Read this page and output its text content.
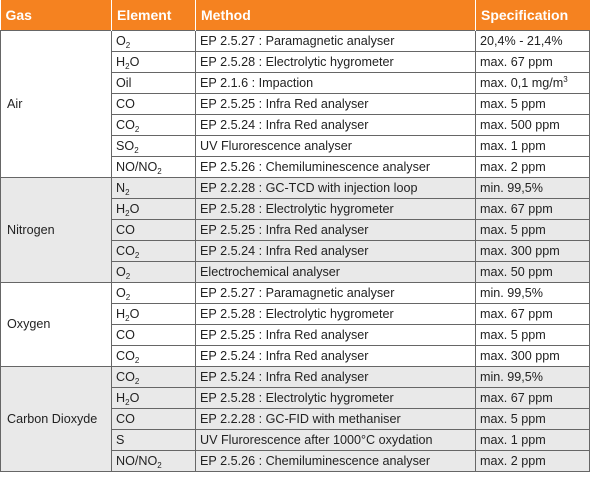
Gas	Element	Method	Specification
Air	$O_2$	EP 2.5.27 : Paramagnetic analyser	20,4% - 21,4%
	$H_2O$	EP 2.5.28 : Electrolytic hygrometer	max. 67 ppm
	Oil	EP 2.1.6 : Impaction	max. 0,1 $mg/m^3$
	CO	EP 2.5.25 : Infra Red analyser	max. 5 ppm
	$CO_2$	EP 2.5.24 : Infra Red analyser	max. 500 ppm
	$SO_2$	UV Flurorescence analyser	max. 1 ppm
	$NO/NO_2$	EP 2.5.26 : Chemiluminescence analyser	max. 2 ppm
Nitrogen	$N_2$	EP 2.2.28 : GC-TCD with injection loop	min. 99,5%
	$H_2O$	EP 2.5.28 : Electrolytic hygrometer	max. 67 ppm
	CO	EP 2.5.25 : Infra Red analyser	max. 5 ppm
	$CO_2$	EP 2.5.24 : Infra Red analyser	max. 300 ppm
	$O_2$	Electrochemical analyser	max. 50 ppm
Oxygen	$O_2$	EP 2.5.27 : Paramagnetic analyser	min. 99,5%
	$H_2O$	EP 2.5.28 : Electrolytic hygrometer	max. 67 ppm
	CO	EP 2.5.25 : Infra Red analyser	max. 5 ppm
	$CO_2$	EP 2.5.24 : Infra Red analyser	max. 300 ppm
Carbon Dioxyde	$CO_2$	EP 2.5.24 : Infra Red analyser	min. 99,5%
	$H_2O$	EP 2.5.28 : Electrolytic hygrometer	max. 67 ppm
	CO	EP 2.2.28 : GC-FID with methaniser	max. 5 ppm
	S	UV Flurorescence after 1000°C oxydation	max. 1 ppm
	$NO/NO_2$	EP 2.5.26 : Chemiluminescence analyser	max. 2 ppm
